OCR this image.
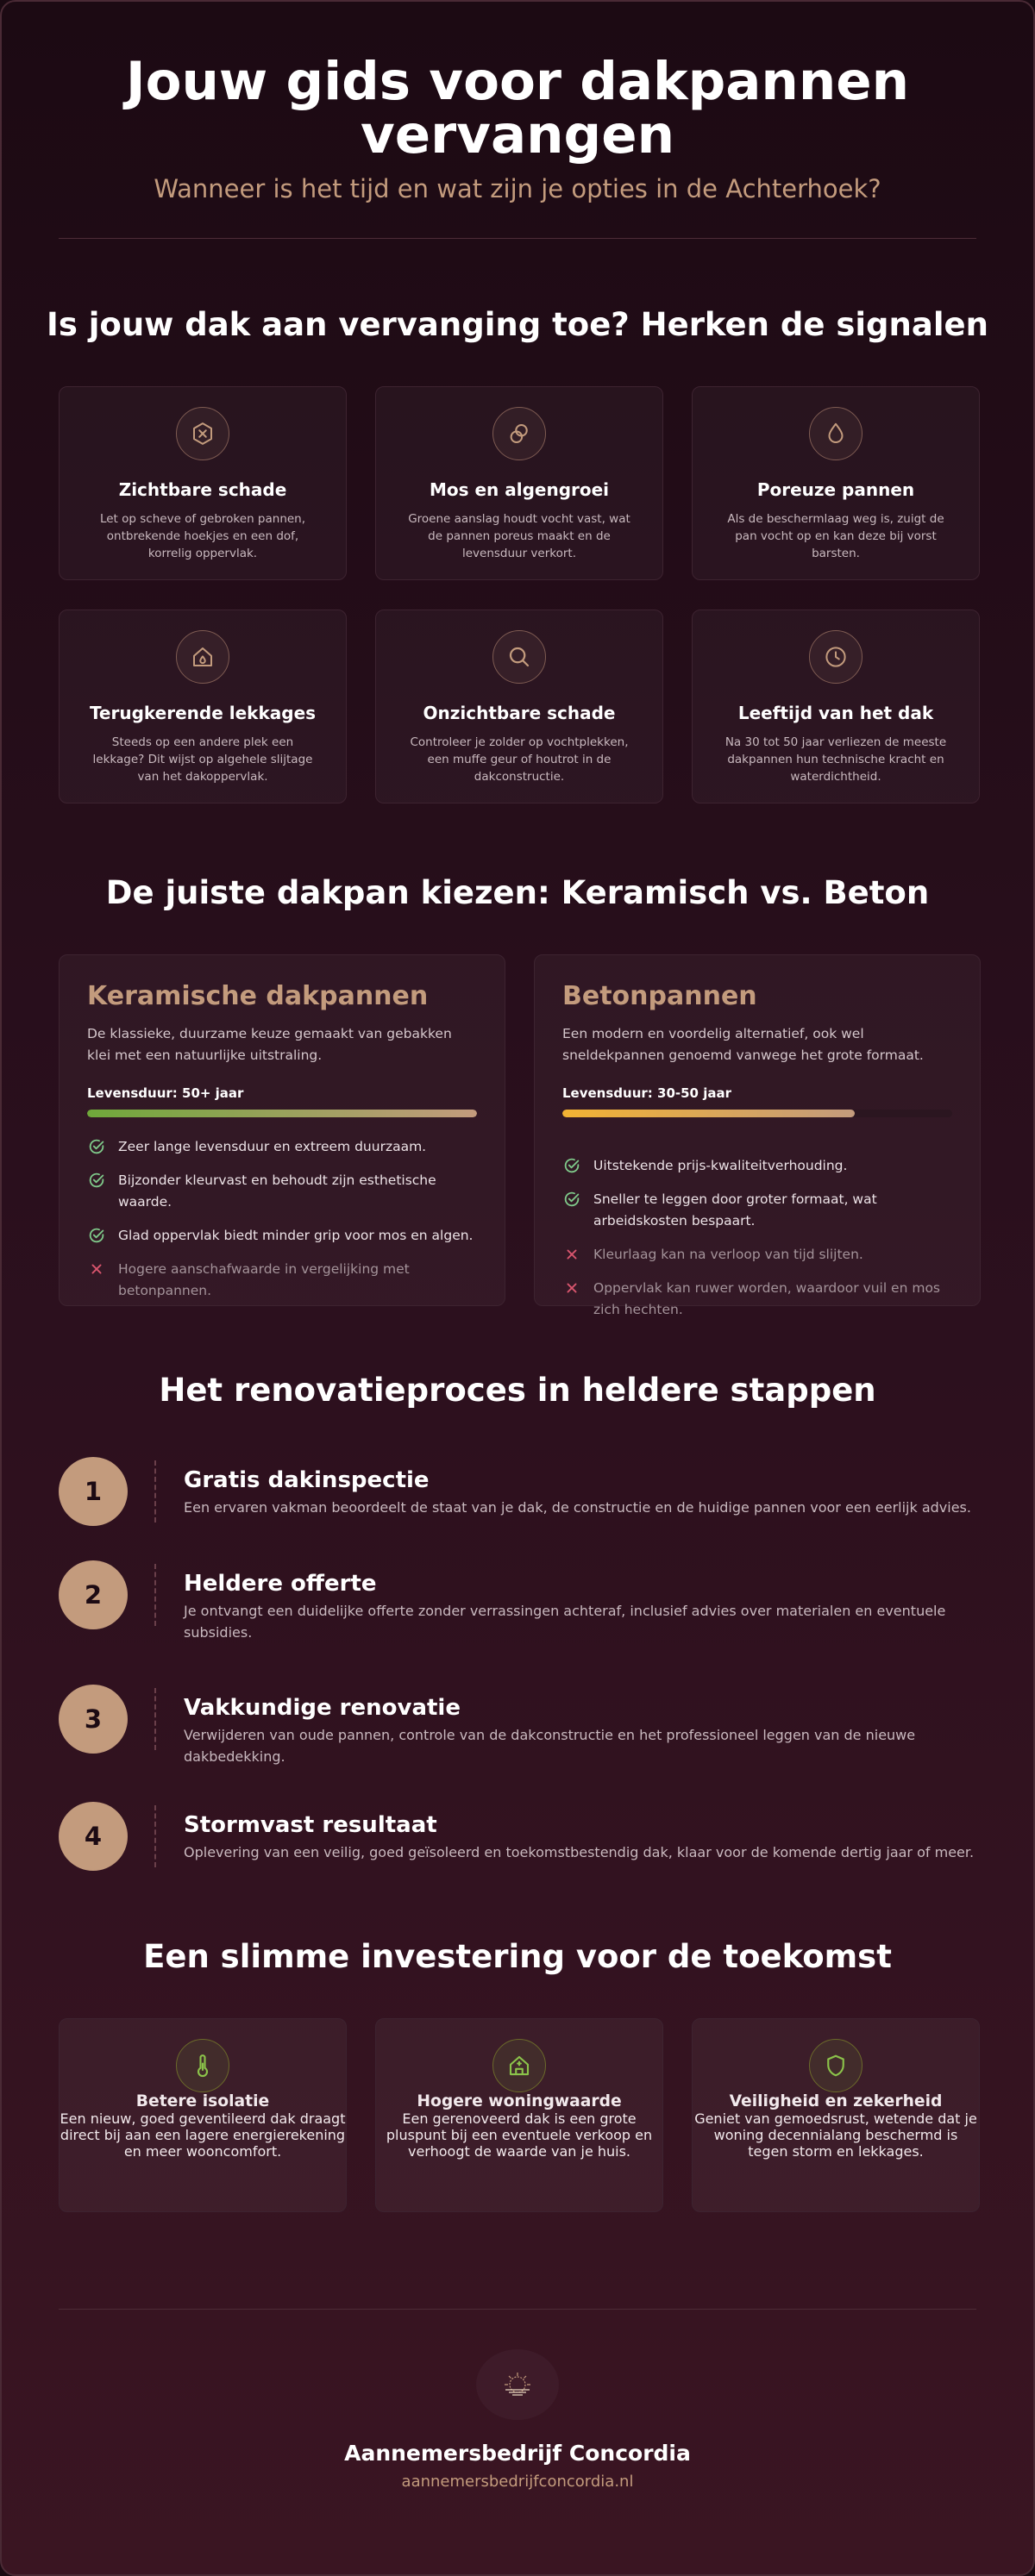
Jouw gids voor dakpannen vervangen
Wanneer is het tijd en wat zijn je opties in de Achterhoek?
Is jouw dak aan vervanging toe? Herken de signalen
Zichtbare schade

Let op scheve of gebroken pannen, ontbrekende hoekjes en een dof, korrelig oppervlak.

Mos en algengroei

Groene aanslag houdt vocht vast, wat de pannen poreus maakt en de levensduur verkort.

Poreuze pannen

Als de beschermlaag weg is, zuigt de pan vocht op en kan deze bij vorst barsten.

Terugkerende lekkages

Steeds op een andere plek een lekkage? Dit wijst op algehele slijtage van het dakoppervlak.

Onzichtbare schade

Controleer je zolder op vochtplekken, een muffe geur of houtrot in de dakconstructie.

Leeftijd van het dak

Na 30 tot 50 jaar verliezen de meeste dakpannen hun technische kracht en waterdichtheid.

De juiste dakpan kiezen: Keramisch vs. Beton
Keramische dakpannen
De klassieke, duurzame keuze gemaakt van gebakken klei met een natuurlijke uitstraling.
Levensduur: 50+ jaar
Zeer lange levensduur en extreem duurzaam.
Bijzonder kleurvast en behoudt zijn esthetische waarde.
Glad oppervlak biedt minder grip voor mos en algen.
Hogere aanschafwaarde in vergelijking met betonpannen.
Betonpannen
Een modern en voordelig alternatief, ook wel sneldekpannen genoemd vanwege het grote formaat.
Levensduur: 30-50 jaar
Uitstekende prijs-kwaliteitverhouding.
Sneller te leggen door groter formaat, wat arbeidskosten bespaart.
Kleurlaag kan na verloop van tijd slijten.
Oppervlak kan ruwer worden, waardoor vuil en mos zich hechten.
Het renovatieproces in heldere stappen
1	Gratis dakinspectie

Een ervaren vakman beoordeelt de staat van je dak, de constructie en de huidige pannen voor een eerlijk advies.

2	Heldere offerte

Je ontvangt een duidelijke offerte zonder verrassingen achteraf, inclusief advies over materialen en eventuele subsidies.

3	Vakkundige renovatie

Verwijderen van oude pannen, controle van de dakconstructie en het professioneel leggen van de nieuwe dakbedekking.

4	Stormvast resultaat

Oplevering van een veilig, goed geïsoleerd en toekomstbestendig dak, klaar voor de komende dertig jaar of meer.

Een slimme investering voor de toekomst
Betere isolatie

Een nieuw, goed geventileerd dak draagt direct bij aan een lagere energierekening en meer wooncomfort.

Hogere woningwaarde

Een gerenoveerd dak is een grote pluspunt bij een eventuele verkoop en verhoogt de waarde van je huis.

Veiligheid en zekerheid

Geniet van gemoedsrust, wetende dat je woning decennialang beschermd is tegen storm en lekkages.

Aannemersbedrijf Concordia
aannemersbedrijfconcordia.nl
